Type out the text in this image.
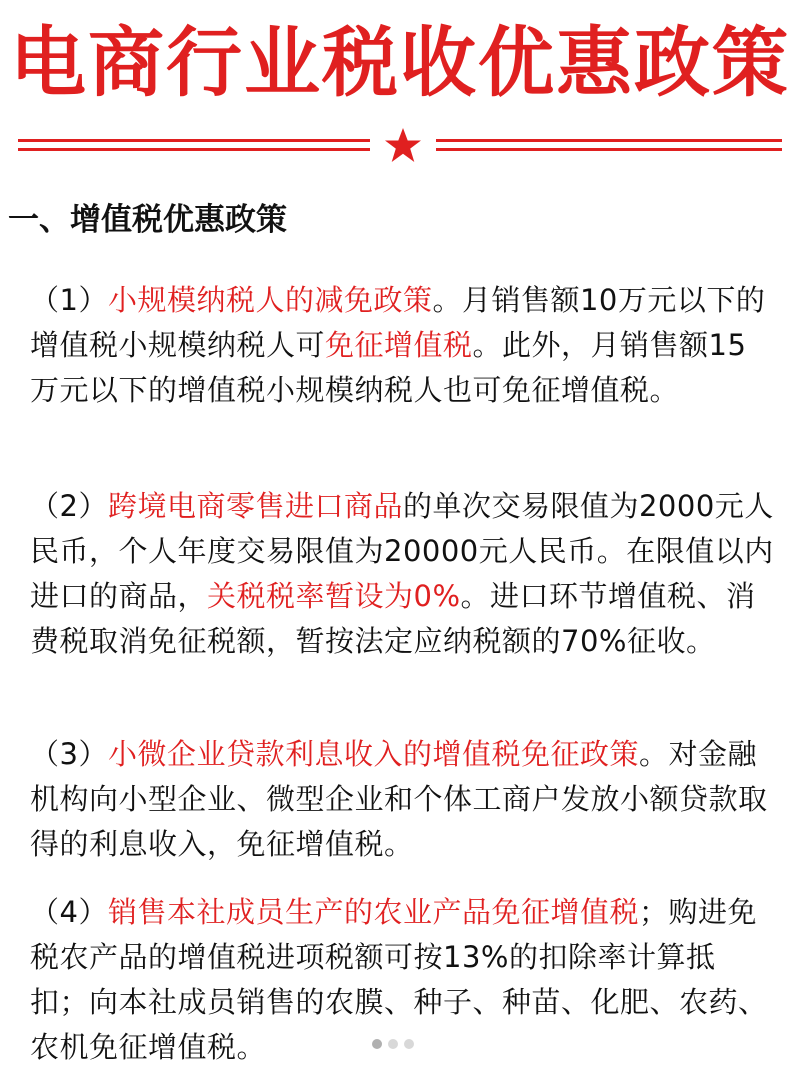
电商行业税收优惠政策
一、增值税优惠政策
（1）小规模纳税人的减免政策。月销售额10万元以下的增值税小规模纳税人可免征增值税。此外，月销售额15万元以下的增值税小规模纳税人也可免征增值税。
（2）跨境电商零售进口商品的单次交易限值为2000元人民币，个人年度交易限值为20000元人民币。在限值以内进口的商品，关税税率暂设为0%。进口环节增值税、消费税取消免征税额，暂按法定应纳税额的70%征收。
（3）小微企业贷款利息收入的增值税免征政策。对金融机构向小型企业、微型企业和个体工商户发放小额贷款取得的利息收入，免征增值税。
（4）销售本社成员生产的农业产品免征增值税；购进免税农产品的增值税进项税额可按13%的扣除率计算抵扣；向本社成员销售的农膜、种子、种苗、化肥、农药、农机免征增值税。
